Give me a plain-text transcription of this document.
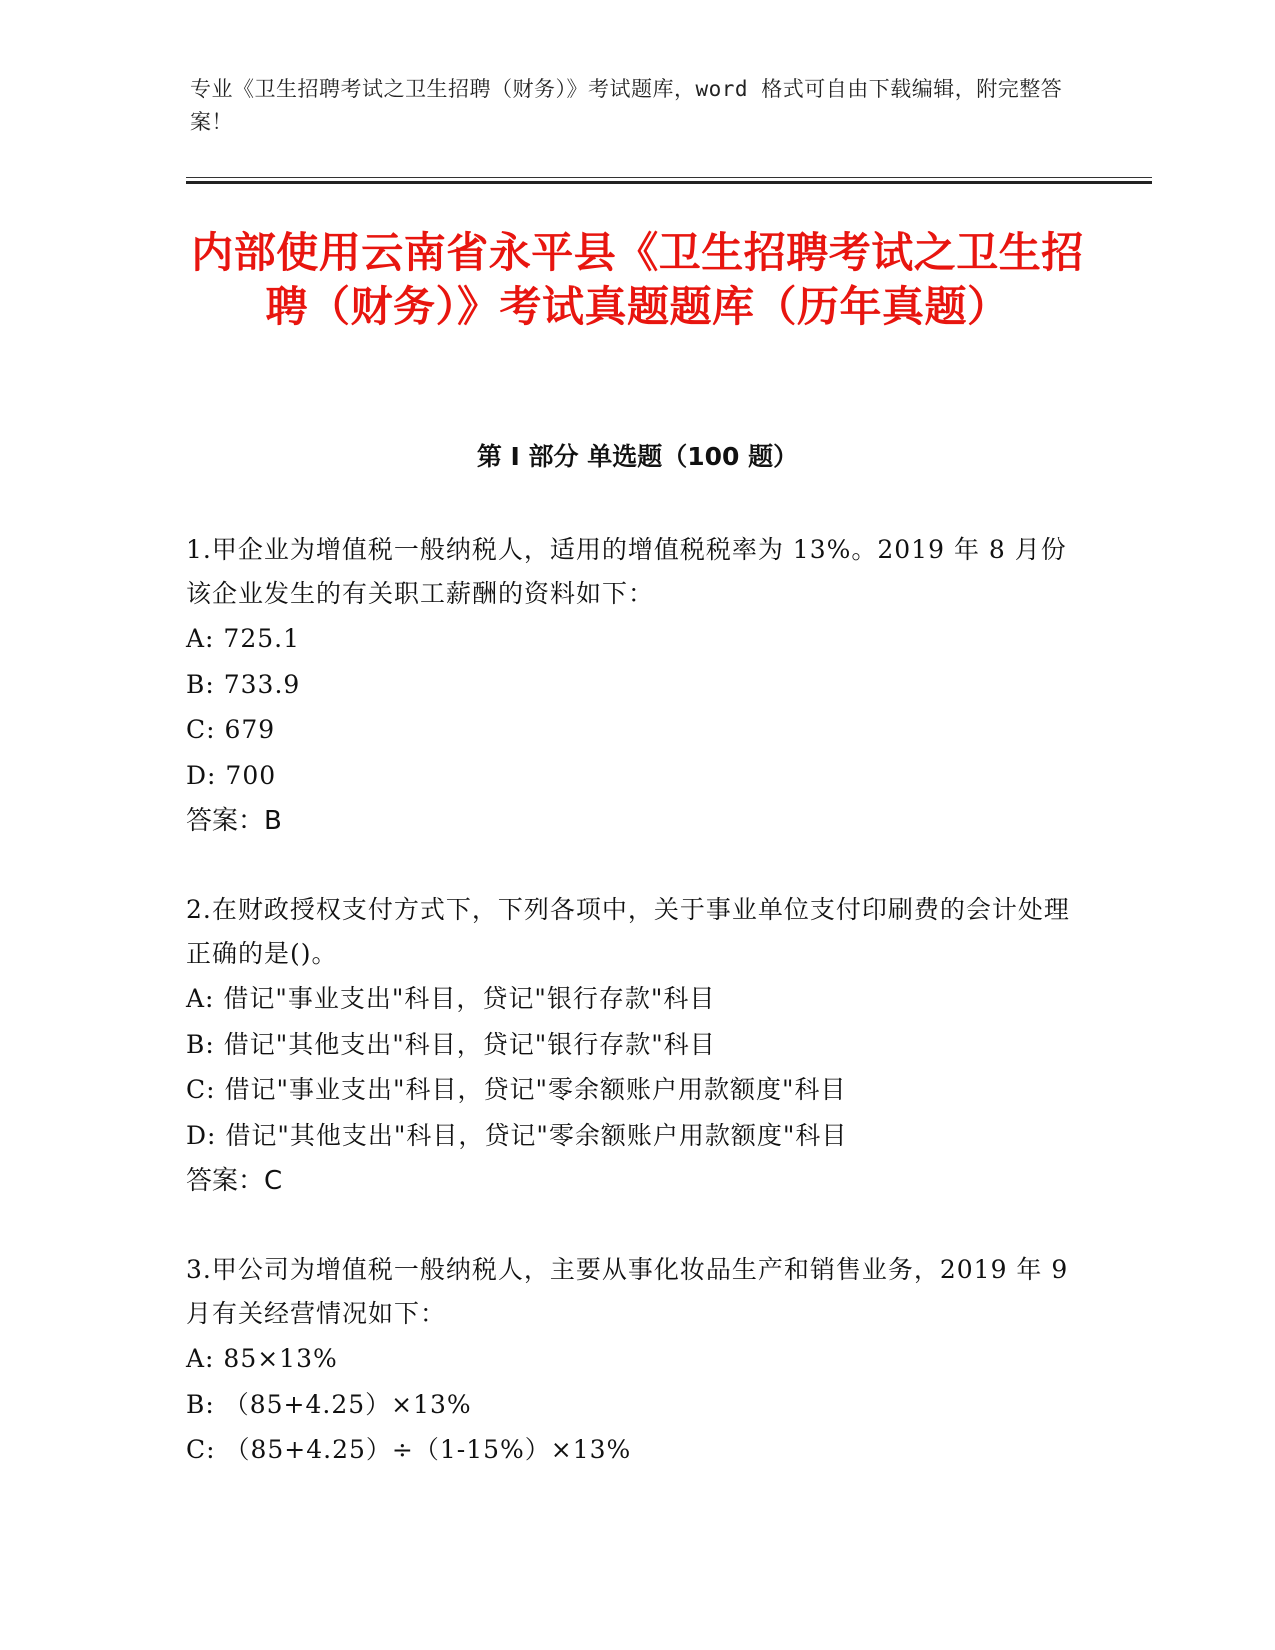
专业《卫生招聘考试之卫生招聘（财务）》考试题库，word 格式可自由下载编辑，附完整答案！
内部使用云南省永平县《卫生招聘考试之卫生招聘（财务）》考试真题题库（历年真题）
第 I 部分 单选题（100 题）

1.甲企业为增值税一般纳税人，适用的增值税税率为 13%。2019 年 8 月份该企业发生的有关职工薪酬的资料如下：

A: 725.1

B: 733.9

C: 679

D: 700

答案：B

2.在财政授权支付方式下，下列各项中，关于事业单位支付印刷费的会计处理正确的是()。

A: 借记"事业支出"科目，贷记"银行存款"科目

B: 借记"其他支出"科目，贷记"银行存款"科目

C: 借记"事业支出"科目，贷记"零余额账户用款额度"科目

D: 借记"其他支出"科目，贷记"零余额账户用款额度"科目

答案：C

3.甲公司为增值税一般纳税人，主要从事化妆品生产和销售业务，2019 年 9 月有关经营情况如下：

A: 85×13%

B: （85+4.25）×13%

C: （85+4.25）÷（1-15%）×13%
